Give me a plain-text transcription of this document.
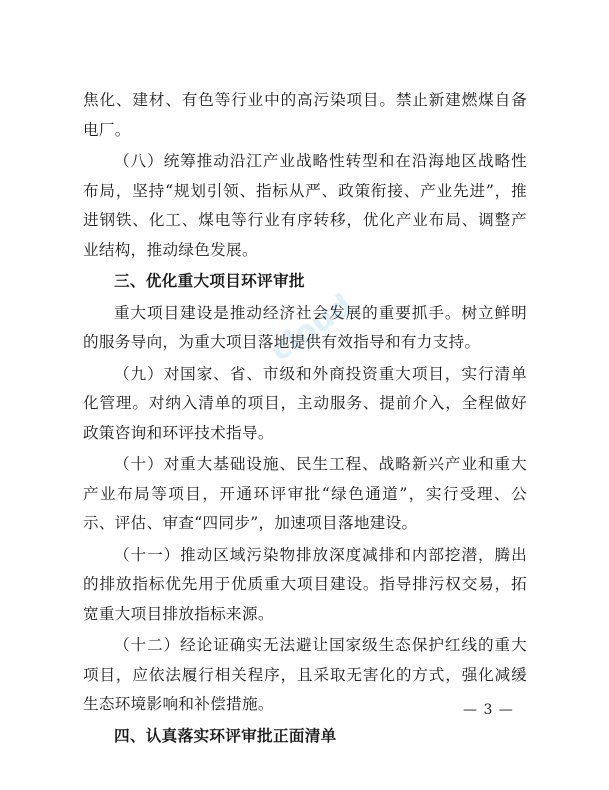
cloud

焦化、建材、有色等行业中的高污染项目。禁止新建燃煤自备电厂。

（八）统筹推动沿江产业战略性转型和在沿海地区战略性布局，坚持“规划引领、指标从严、政策衔接、产业先进”，推进钢铁、化工、煤电等行业有序转移，优化产业布局、调整产业结构，推动绿色发展。

三、优化重大项目环评审批

重大项目建设是推动经济社会发展的重要抓手。树立鲜明的服务导向，为重大项目落地提供有效指导和有力支持。

（九）对国家、省、市级和外商投资重大项目，实行清单化管理。对纳入清单的项目，主动服务、提前介入，全程做好政策咨询和环评技术指导。

（十）对重大基础设施、民生工程、战略新兴产业和重大产业布局等项目，开通环评审批“绿色通道”，实行受理、公示、评估、审查“四同步”，加速项目落地建设。

（十一）推动区域污染物排放深度减排和内部挖潜，腾出的排放指标优先用于优质重大项目建设。指导排污权交易，拓宽重大项目排放指标来源。

（十二）经论证确实无法避让国家级生态保护红线的重大项目，应依法履行相关程序，且采取无害化的方式，强化减缓生态环境影响和补偿措施。

四、认真落实环评审批正面清单

— 3 —
